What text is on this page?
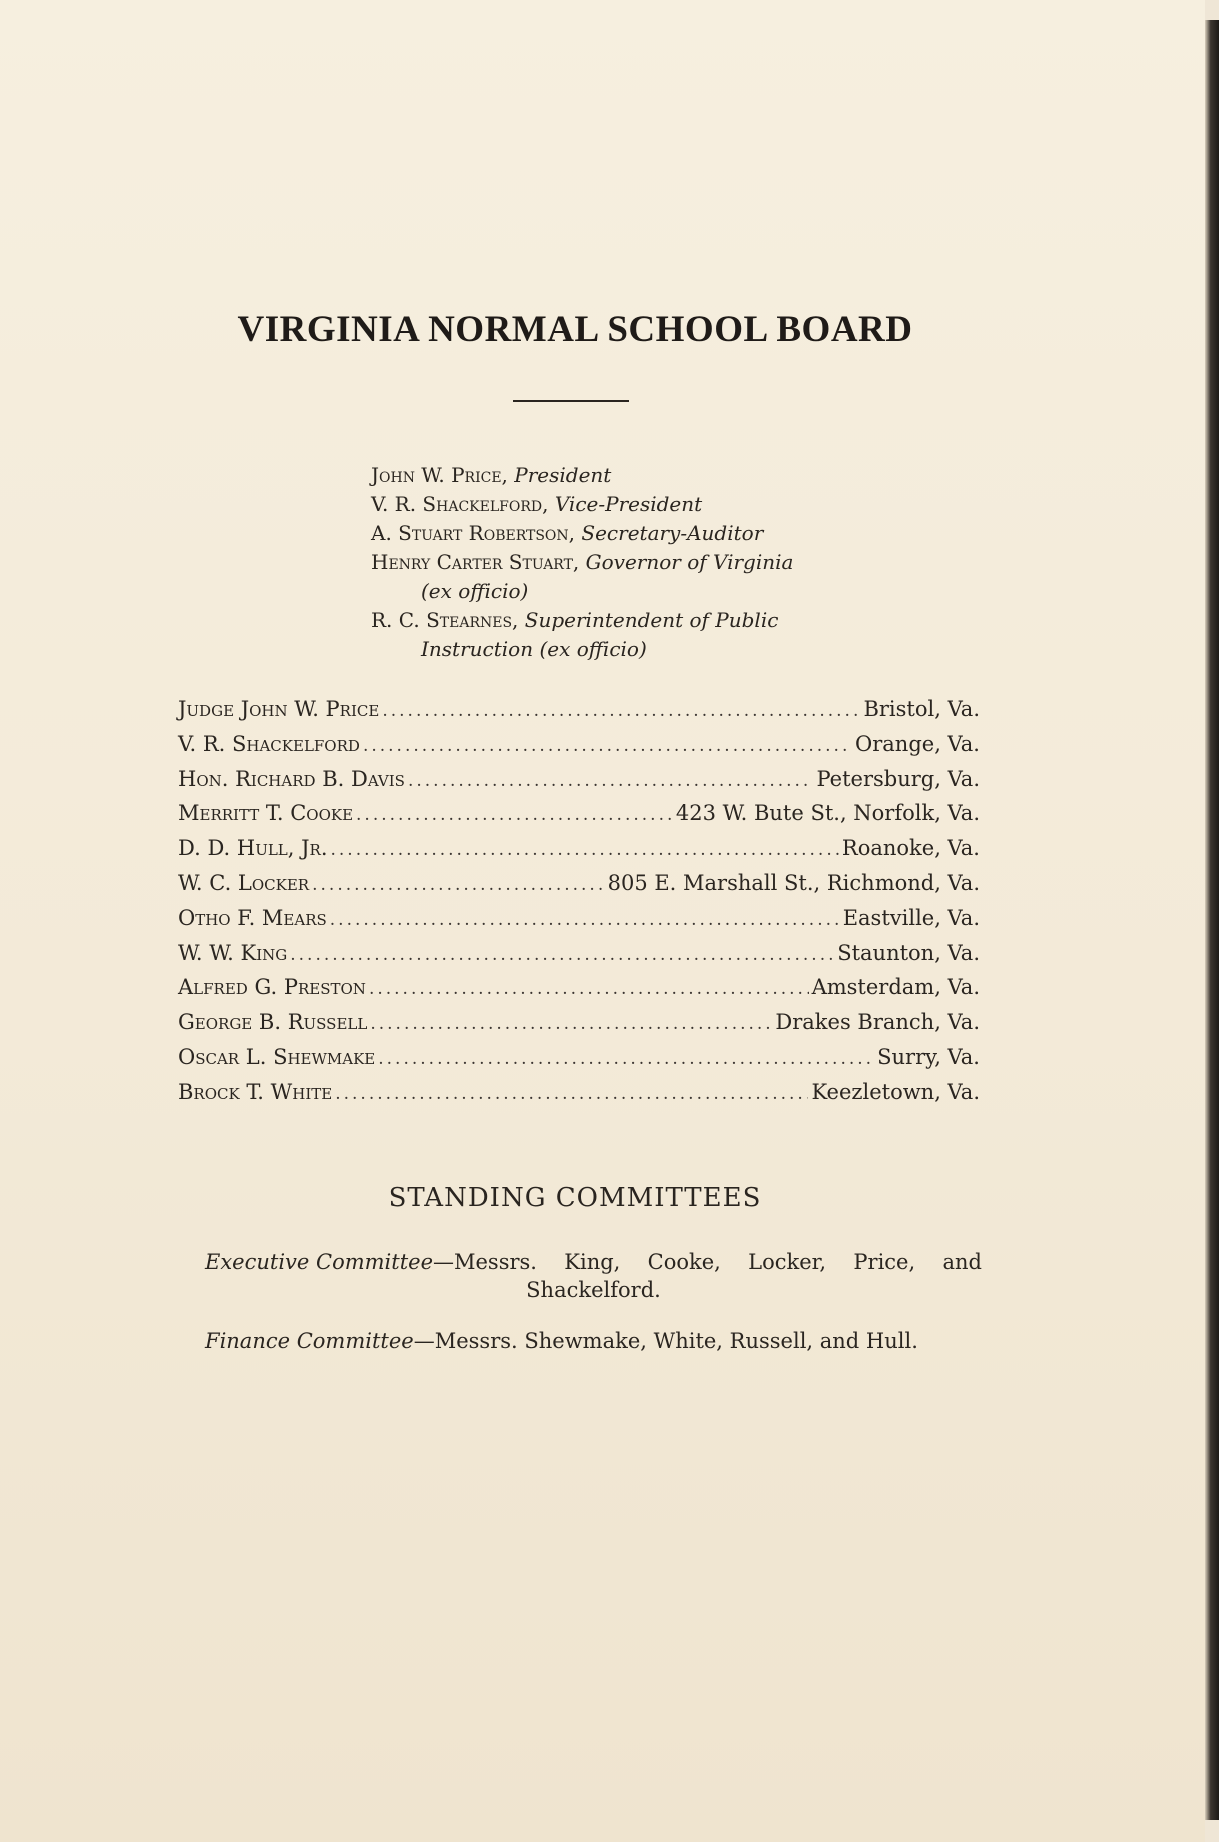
VIRGINIA NORMAL SCHOOL BOARD
John W. Price, President
V. R. Shackelford, Vice-President
A. Stuart Robertson, Secretary-Auditor
Henry Carter Stuart, Governor of Virginia
(ex officio)
R. C. Stearnes, Superintendent of Public
Instruction (ex officio)
Judge John W. Price .....	Bristol, Va.
V. R. Shackelford .....	Orange, Va.
Hon. Richard B. Davis .....	Petersburg, Va.
Merritt T. Cooke .....	423 W. Bute St., Norfolk, Va.
D. D. Hull, Jr. .....	Roanoke, Va.
W. C. Locker .....	805 E. Marshall St., Richmond, Va.
Otho F. Mears .....	Eastville, Va.
W. W. King .....	Staunton, Va.
Alfred G. Preston .....	Amsterdam, Va.
George B. Russell .....	Drakes Branch, Va.
Oscar L. Shewmake .....	Surry, Va.
Brock T. White .....	Keezletown, Va.
STANDING COMMITTEES
Executive Committee—Messrs. King, Cooke, Locker, Price, and
Shackelford.
Finance Committee—Messrs. Shewmake, White, Russell, and Hull.
